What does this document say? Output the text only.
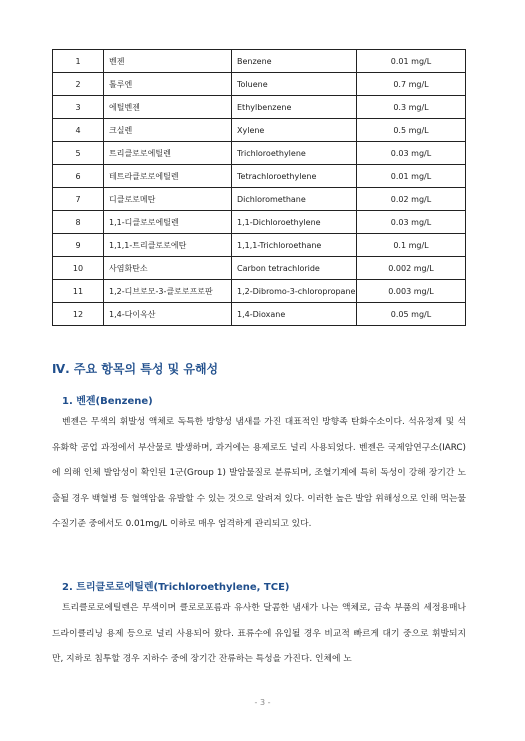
1	벤젠	Benzene	0.01 mg/L
2	톨루엔	Toluene	0.7 mg/L
3	에틸벤젠	Ethylbenzene	0.3 mg/L
4	크실렌	Xylene	0.5 mg/L
5	트리클로로에틸렌	Trichloroethylene	0.03 mg/L
6	테트라클로로에틸렌	Tetrachloroethylene	0.01 mg/L
7	디클로로메탄	Dichloromethane	0.02 mg/L
8	1,1-디클로로에틸렌	1,1-Dichloroethylene	0.03 mg/L
9	1,1,1-트리클로로에탄	1,1,1-Trichloroethane	0.1 mg/L
10	사염화탄소	Carbon tetrachloride	0.002 mg/L
11	1,2-디브로모-3-클로로프로판	1,2-Dibromo-3-chloropropane	0.003 mg/L
12	1,4-다이옥산	1,4-Dioxane	0.05 mg/L
Ⅳ. 주요 항목의 특성 및 유해성
1. 벤젠(Benzene)

벤젠은 무색의 휘발성 액체로 독특한 방향성 냄새를 가진 대표적인 방향족 탄화수소이다. 석유정제 및 석유화학 공업 과정에서 부산물로 발생하며, 과거에는 용제로도 널리 사용되었다. 벤젠은 국제암연구소(IARC)에 의해 인체 발암성이 확인된 1군(Group 1) 발암물질로 분류되며, 조혈기계에 특히 독성이 강해 장기간 노출될 경우 백혈병 등 혈액암을 유발할 수 있는 것으로 알려져 있다. 이러한 높은 발암 위해성으로 인해 먹는물 수질기준 중에서도 0.01mg/L 이하로 매우 엄격하게 관리되고 있다.

2. 트리클로로에틸렌(Trichloroethylene, TCE)

트리클로로에틸렌은 무색이며 클로로포름과 유사한 달콤한 냄새가 나는 액체로, 금속 부품의 세정용매나 드라이클리닝 용제 등으로 널리 사용되어 왔다. 표류수에 유입될 경우 비교적 빠르게 대기 중으로 휘발되지만, 지하로 침투할 경우 지하수 중에 장기간 잔류하는 특성을 가진다. 인체에 노

- 3 -
